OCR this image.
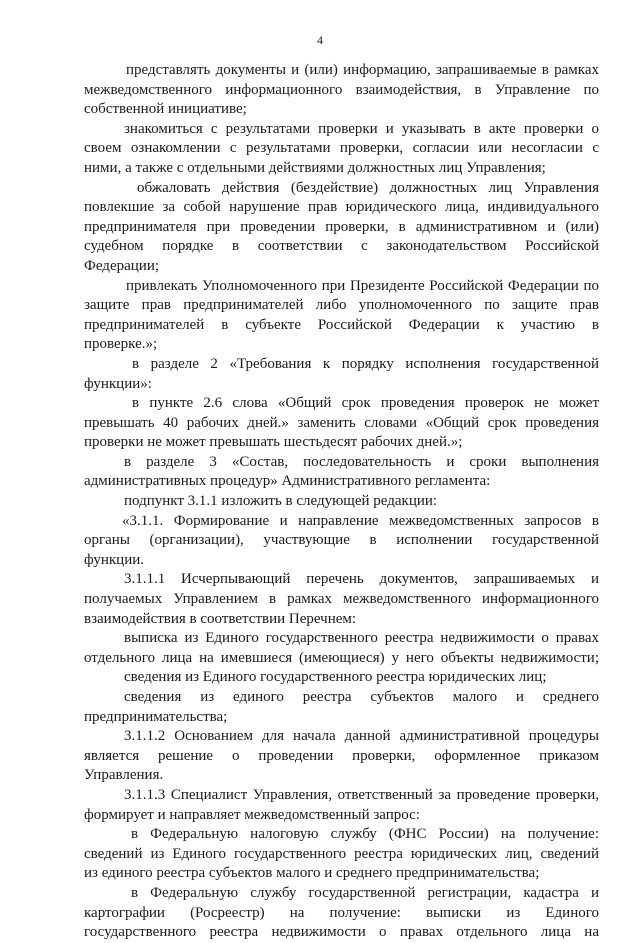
4
представлять документы и (или) информацию, запрашиваемые в рамках
межведомственного информационного взаимодействия, в Управление по
собственной инициативе;
знакомиться с результатами проверки и указывать в акте проверки о
своем ознакомлении с результатами проверки, согласии или несогласии с
ними, а также с отдельными действиями должностных лиц Управления;
обжаловать действия (бездействие) должностных лиц Управления
повлекшие за собой нарушение прав юридического лица, индивидуального
предпринимателя при проведении проверки, в административном и (или)
судебном порядке в соответствии с законодательством Российской
Федерации;
привлекать Уполномоченного при Президенте Российской Федерации по
защите прав предпринимателей либо уполномоченного по защите прав
предпринимателей в субъекте Российской Федерации к участию в
проверке.»;
в разделе 2 «Требования к порядку исполнения государственной
функции»:
в пункте 2.6 слова «Общий срок проведения проверок не может
превышать 40 рабочих дней.» заменить словами «Общий срок проведения
проверки не может превышать шестьдесят рабочих дней.»;
в разделе 3 «Состав, последовательность и сроки выполнения
административных процедур» Административного регламента:
подпункт 3.1.1 изложить в следующей редакции:
«3.1.1. Формирование и направление межведомственных запросов в
органы (организации), участвующие в исполнении государственной
функции.
3.1.1.1 Исчерпывающий перечень документов, запрашиваемых и
получаемых Управлением в рамках межведомственного информационного
взаимодействия в соответствии Перечнем:
выписка из Единого государственного реестра недвижимости о правах
отдельного лица на имевшиеся (имеющиеся) у него объекты недвижимости;
сведения из Единого государственного реестра юридических лиц;
сведения из единого реестра субъектов малого и среднего
предпринимательства;
3.1.1.2 Основанием для начала данной административной процедуры
является решение о проведении проверки, оформленное приказом
Управления.
3.1.1.3 Специалист Управления, ответственный за проведение проверки,
формирует и направляет межведомственный запрос:
в Федеральную налоговую службу (ФНС России) на получение:
сведений из Единого государственного реестра юридических лиц, сведений
из единого реестра субъектов малого и среднего предпринимательства;
в Федеральную службу государственной регистрации, кадастра и
картографии (Росреестр) на получение: выписки из Единого
государственного реестра недвижимости о правах отдельного лица на
